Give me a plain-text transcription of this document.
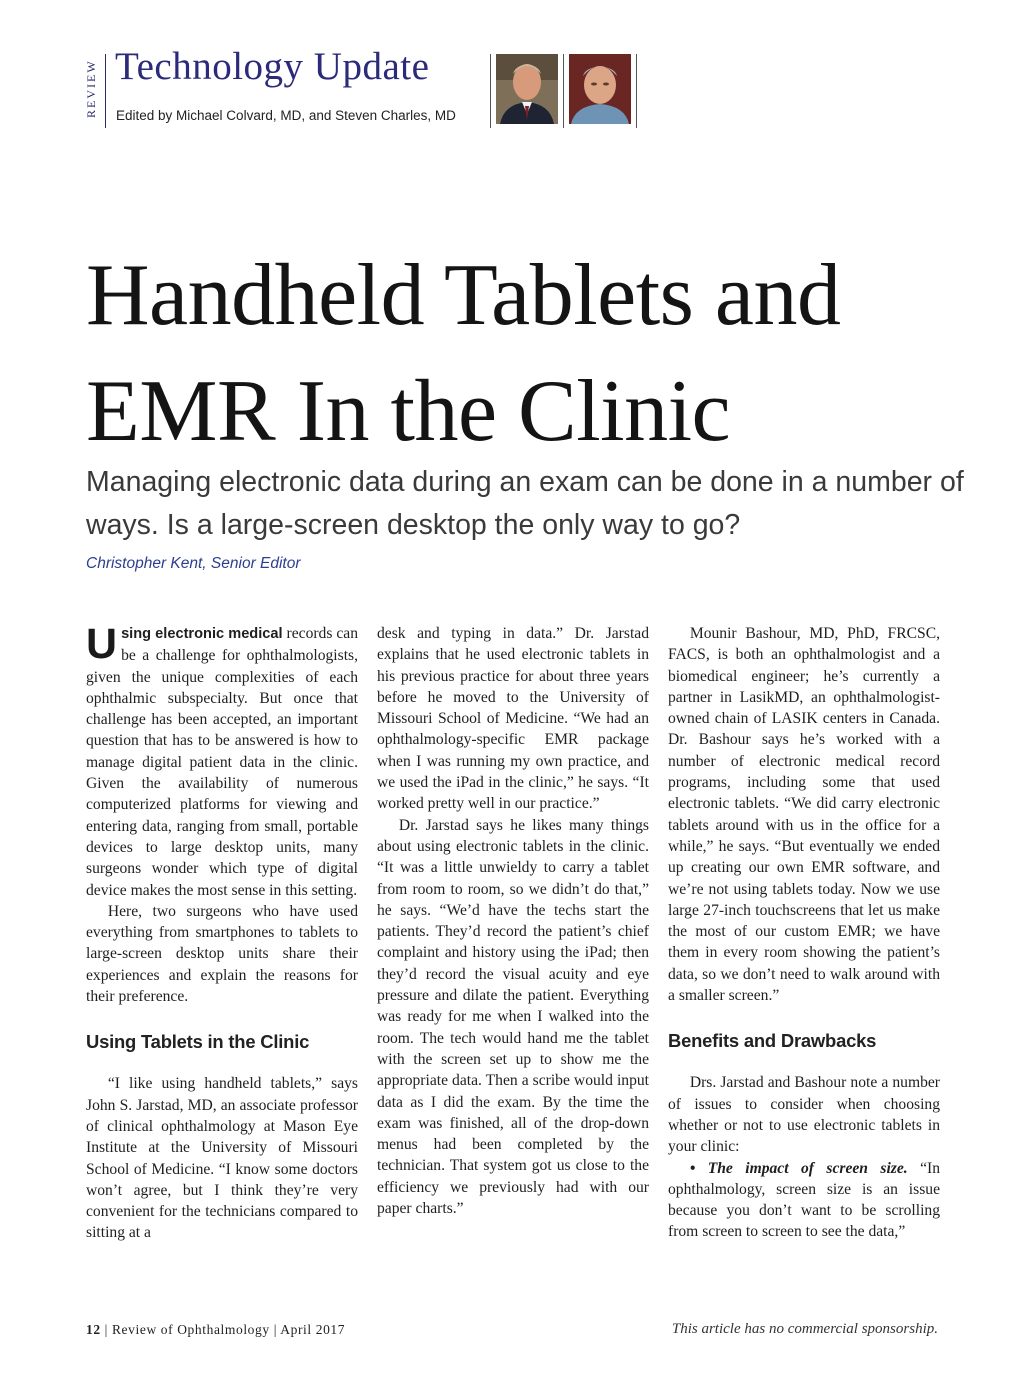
REVIEW Technology Update
Edited by Michael Colvard, MD, and Steven Charles, MD
Handheld Tablets and
EMR In the Clinic

Managing electronic data during an exam can be done in a number of ways. Is a large-screen desktop the only way to go?

Christopher Kent, Senior Editor

Using electronic medical records can be a challenge for ophthalmologists, given the unique complexities of each ophthalmic subspecialty. But once that challenge has been accepted, an important question that has to be answered is how to manage digital patient data in the clinic. Given the availability of numerous computerized platforms for viewing and entering data, ranging from small, portable devices to large desktop units, many surgeons wonder which type of digital device makes the most sense in this setting.

Here, two surgeons who have used everything from smartphones to tablets to large-screen desktop units share their experiences and explain the reasons for their preference.

Using Tablets in the Clinic

“I like using handheld tablets,” says John S. Jarstad, MD, an associate professor of clinical ophthalmology at Mason Eye Institute at the University of Missouri School of Medicine. “I know some doctors won’t agree, but I think they’re very convenient for the technicians compared to sitting at a

desk and typing in data.” Dr. Jarstad explains that he used electronic tablets in his previous practice for about three years before he moved to the University of Missouri School of Medicine. “We had an ophthalmology-specific EMR package when I was running my own practice, and we used the iPad in the clinic,” he says. “It worked pretty well in our practice.”

Dr. Jarstad says he likes many things about using electronic tablets in the clinic. “It was a little unwieldy to carry a tablet from room to room, so we didn’t do that,” he says. “We’d have the techs start the patients. They’d record the patient’s chief complaint and history using the iPad; then they’d record the visual acuity and eye pressure and dilate the patient. Everything was ready for me when I walked into the room. The tech would hand me the tablet with the screen set up to show me the appropriate data. Then a scribe would input data as I did the exam. By the time the exam was finished, all of the drop-down menus had been completed by the technician. That system got us close to the efficiency we previously had with our paper charts.”

Mounir Bashour, MD, PhD, FRCSC, FACS, is both an ophthalmologist and a biomedical engineer; he’s currently a partner in LasikMD, an ophthalmologist-owned chain of LASIK centers in Canada. Dr. Bashour says he’s worked with a number of electronic medical record programs, including some that used electronic tablets. “We did carry electronic tablets around with us in the office for a while,” he says. “But eventually we ended up creating our own EMR software, and we’re not using tablets today. Now we use large 27-inch touchscreens that let us make the most of our custom EMR; we have them in every room showing the patient’s data, so we don’t need to walk around with a smaller screen.”

Benefits and Drawbacks

Drs. Jarstad and Bashour note a number of issues to consider when choosing whether or not to use electronic tablets in your clinic:

• The impact of screen size. “In ophthalmology, screen size is an issue because you don’t want to be scrolling from screen to screen to see the data,”

12 | Review of Ophthalmology | April 2017	This article has no commercial sponsorship.
